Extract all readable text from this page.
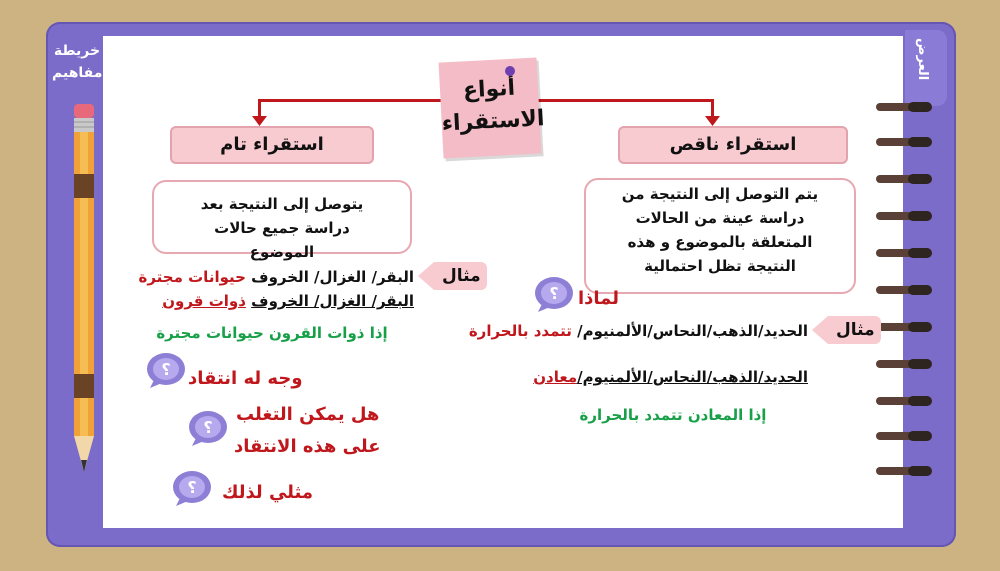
خريطة مفاهيم	العرض
أنواع
الاستقراء
استقراء ناقص
استقراء تام
يتم التوصل إلى النتيجة من دراسة عينة من الحالات المتعلقة بالموضوع و هذه النتيجة تظل احتمالية
يتوصل إلى النتيجة بعد دراسة جميع حالات الموضوع
مثال
الحديد/الذهب/النحاس/الألمنيوم/ تتمدد بالحرارة
الحديد/الذهب/النحاس/الألمنيوم/معادن
إذا المعادن تتمدد بالحرارة
؟ لماذا
مثال
البقر/ الغزال/ الخروف حيوانات مجترة
البقر/ الغزال/ الخروف ذوات قرون
إذا ذوات القرون حيوانات مجترة
؟ وجه له انتقاد
؟
هل يمكن التغلب
على هذه الانتقاد
؟ مثلي لذلك
